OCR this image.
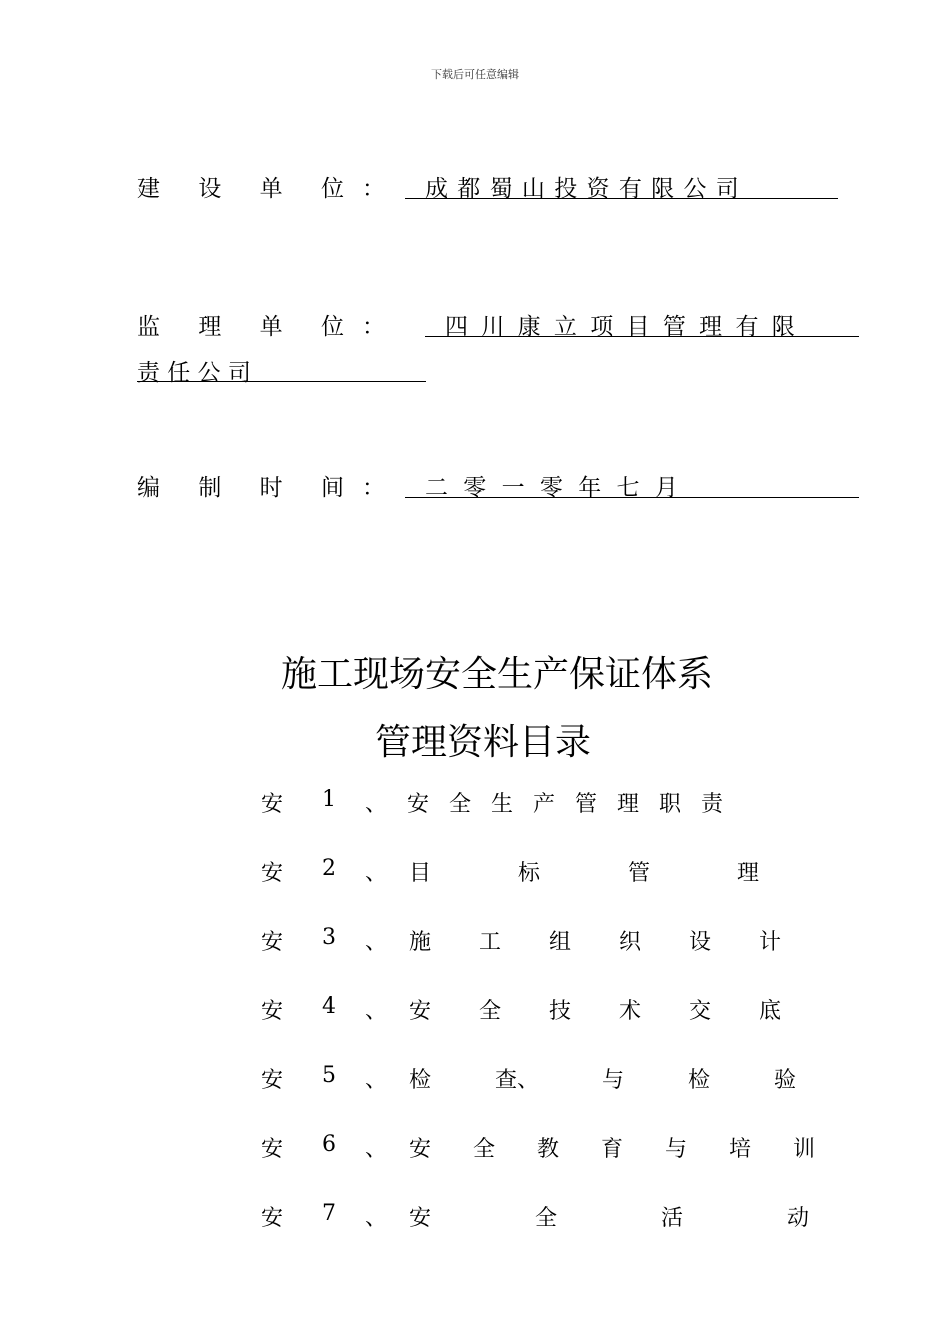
下载后可任意编辑
建 设 单 位 ： 成 都 蜀 山 投 资 有 限 公 司
监 理 单 位 ：	四 川 康 立 项 目 管 理 有 限
责 任 公 司
编 制 时 间 ： 二 零 一 零 年 七 月
施工现场安全生产保证体系
管理资料目录
安 1 、 安 全 生 产 管 理 职 责
安 2 、 目	标	管	理
安 3 、 施 工 组 织 设 计
安 4 、 安 全 技 术 交 底
安 5 、 检	查、	与	检	验
安 6 、 安 全 教 育 与 培 训
安 7 、 安	全	活	动
